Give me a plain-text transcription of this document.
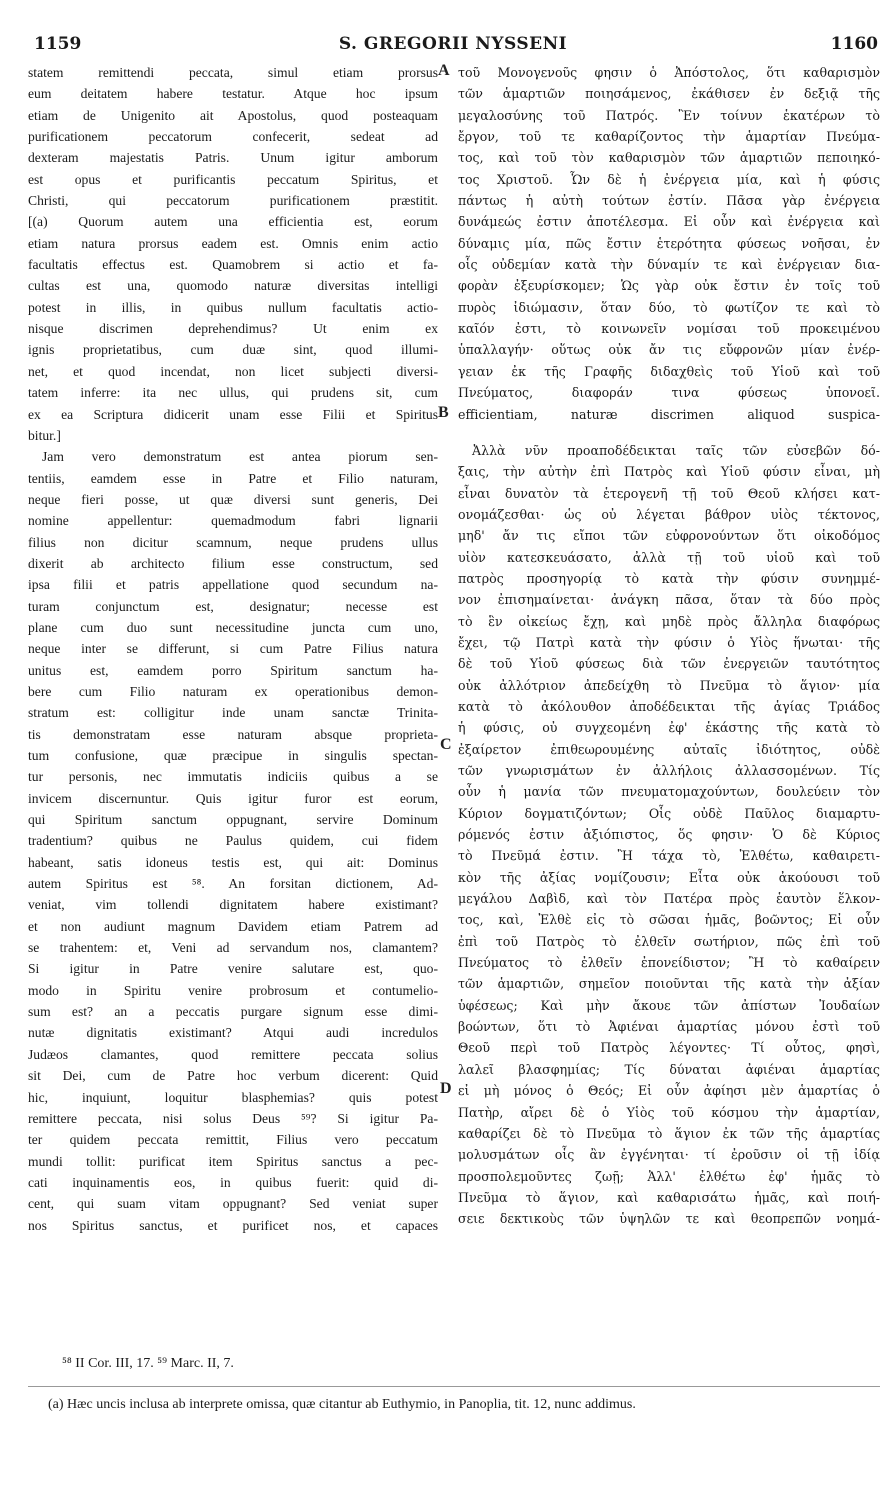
1159	S. GREGORII NYSSENI	1160
A
B
C
D
statem remittendi peccata, simul etiam prorsus
eum deitatem habere testatur. Atque hoc ipsum
etiam de Unigenito ait Apostolus, quod posteaquam
purificationem peccatorum confecerit, sedeat ad
dexteram majestatis Patris. Unum igitur amborum
est opus et purificantis peccatum Spiritus, et
Christi, qui peccatorum purificationem præstitit.
[(a) Quorum autem una efficientia est, eorum
etiam natura prorsus eadem est. Omnis enim actio
facultatis effectus est. Quamobrem si actio et fa-
cultas est una, quomodo naturæ diversitas intelligi
potest in illis, in quibus nullum facultatis actio-
nisque discrimen deprehendimus? Ut enim ex
ignis proprietatibus, cum duæ sint, quod illumi-
net, et quod incendat, non licet subjecti diversi-
tatem inferre: ita nec ullus, qui prudens sit, cum
ex ea Scriptura didicerit unam esse Filii et Spiritus
bitur.]
Jam vero demonstratum est antea piorum sen-
tentiis, eamdem esse in Patre et Filio naturam,
neque fieri posse, ut quæ diversi sunt generis, Dei
nomine appellentur: quemadmodum fabri lignarii
filius non dicitur scamnum, neque prudens ullus
dixerit ab architecto filium esse constructum, sed
ipsa filii et patris appellatione quod secundum na-
turam conjunctum est, designatur; necesse est
plane cum duo sunt necessitudine juncta cum uno,
neque inter se differunt, si cum Patre Filius natura
unitus est, eamdem porro Spiritum sanctum ha-
bere cum Filio naturam ex operationibus demon-
stratum est: colligitur inde unam sanctæ Trinita-
tis demonstratam esse naturam absque proprieta-
tum confusione, quæ præcipue in singulis spectan-
tur personis, nec immutatis indiciis quibus a se
invicem discernuntur. Quis igitur furor est eorum,
qui Spiritum sanctum oppugnant, servire Dominum
tradentium? quibus ne Paulus quidem, cui fidem
habeant, satis idoneus testis est, qui ait: Dominus
autem Spiritus est ⁵⁸. An forsitan dictionem, Ad-
veniat, vim tollendi dignitatem habere existimant?
et non audiunt magnum Davidem etiam Patrem ad
se trahentem: et, Veni ad servandum nos, clamantem?
Si igitur in Patre venire salutare est, quo-
modo in Spiritu venire probrosum et contumelio-
sum est? an a peccatis purgare signum esse dimi-
nutæ dignitatis existimant? Atqui audi incredulos
Judæos clamantes, quod remittere peccata solius
sit Dei, cum de Patre hoc verbum dicerent: Quid
hic, inquiunt, loquitur blasphemias? quis potest
remittere peccata, nisi solus Deus ⁵⁹? Si igitur Pa-
ter quidem peccata remittit, Filius vero peccatum
mundi tollit: purificat item Spiritus sanctus a pec-
cati inquinamentis eos, in quibus fuerit: quid di-
cent, qui suam vitam oppugnant? Sed veniat super
nos Spiritus sanctus, et purificet nos, et capaces
τοῦ Μονογενοῦς φησιν ὁ Ἀπόστολος, ὅτι καθαρισμὸν
τῶν ἁμαρτιῶν ποιησάμενος, ἐκάθισεν ἐν δεξιᾷ τῆς
μεγαλοσύνης τοῦ Πατρός. Ἓν τοίνυν ἑκατέρων τὸ
ἔργον, τοῦ τε καθαρίζοντος τὴν ἁμαρτίαν Πνεύμα-
τος, καὶ τοῦ τὸν καθαρισμὸν τῶν ἁμαρτιῶν πεποιηκό-
τος Χριστοῦ. Ὧν δὲ ἡ ἐνέργεια μία, καὶ ἡ φύσις
πάντως ἡ αὐτὴ τούτων ἐστίν. Πᾶσα γὰρ ἐνέργεια
δυνάμεώς ἐστιν ἀποτέλεσμα. Εἰ οὖν καὶ ἐνέργεια καὶ
δύναμις μία, πῶς ἔστιν ἑτερότητα φύσεως νοῆσαι, ἐν
οἷς οὐδεμίαν κατὰ τὴν δύναμίν τε καὶ ἐνέργειαν δια-
φορὰν ἐξευρίσκομεν; Ὡς γὰρ οὐκ ἔστιν ἐν τοῖς τοῦ
πυρὸς ἰδιώμασιν, ὅταν δύο, τὸ φωτίζον τε καὶ τὸ
καῖόν ἐστι, τὸ κοινωνεῖν νομίσαι τοῦ προκειμένου
ὑπαλλαγήν· οὕτως οὐκ ἄν τις εὔφρονῶν μίαν ἐνέρ-
γειαν ἐκ τῆς Γραφῆς διδαχθεὶς τοῦ Υἱοῦ καὶ τοῦ
Πνεύματος, διαφοράν τινα φύσεως ὑπονοεῖ.
efficientiam, naturæ discrimen aliquod suspica-
Ἀλλὰ νῦν προαποδέδεικται ταῖς τῶν εὐσεβῶν δό-
ξαις, τὴν αὐτὴν ἐπὶ Πατρὸς καὶ Υἱοῦ φύσιν εἶναι, μὴ
εἶναι δυνατὸν τὰ ἑτερογενῆ τῇ τοῦ Θεοῦ κλήσει κατ-
ονομάζεσθαι· ὡς οὐ λέγεται βάθρον υἱὸς τέκτονος,
μηδ' ἄν τις εἴποι τῶν εὐφρονούντων ὅτι οἰκοδόμος
υἱὸν κατεσκευάσατο, ἀλλὰ τῇ τοῦ υἱοῦ καὶ τοῦ
πατρὸς προσηγορίᾳ τὸ κατὰ τὴν φύσιν συνημμέ-
νον ἐπισημαίνεται· ἀνάγκη πᾶσα, ὅταν τὰ δύο πρὸς
τὸ ἓν οἰκείως ἔχῃ, καὶ μηδὲ πρὸς ἄλληλα διαφόρως
ἔχει, τῷ Πατρὶ κατὰ τὴν φύσιν ὁ Υἱὸς ἥνωται· τῆς
δὲ τοῦ Υἱοῦ φύσεως διὰ τῶν ἐνεργειῶν ταυτότητος
οὐκ ἀλλότριον ἀπεδείχθη τὸ Πνεῦμα τὸ ἅγιον· μία
κατὰ τὸ ἀκόλουθον ἀποδέδεικται τῆς ἁγίας Τριάδος
ἡ φύσις, οὐ συγχεομένη ἐφ' ἑκάστης τῆς κατὰ τὸ
ἐξαίρετον ἐπιθεωρουμένης αὐταῖς ἰδιότητος, οὐδὲ
τῶν γνωρισμάτων ἐν ἀλλήλοις ἀλλασσομένων. Τίς
οὖν ἡ μανία τῶν πνευματομαχούντων, δουλεύειν τὸν
Κύριον δογματιζόντων; Οἷς οὐδὲ Παῦλος διαμαρτυ-
ρόμενός ἐστιν ἀξιόπιστος, ὅς φησιν· Ὁ δὲ Κύριος
τὸ Πνεῦμά ἐστιν. Ἢ τάχα τὸ, Ἐλθέτω, καθαιρετι-
κὸν τῆς ἀξίας νομίζουσιν; Εἶτα οὐκ ἀκούουσι τοῦ
μεγάλου Δαβὶδ, καὶ τὸν Πατέρα πρὸς ἑαυτὸν ἕλκον-
τος, καὶ, Ἐλθὲ εἰς τὸ σῶσαι ἡμᾶς, βοῶντος; Εἰ οὖν
ἐπὶ τοῦ Πατρὸς τὸ ἐλθεῖν σωτήριον, πῶς ἐπὶ τοῦ
Πνεύματος τὸ ἐλθεῖν ἐπονείδιστον; Ἢ τὸ καθαίρειν
τῶν ἁμαρτιῶν, σημεῖον ποιοῦνται τῆς κατὰ τὴν ἀξίαν
ὑφέσεως; Καὶ μὴν ἄκουε τῶν ἀπίστων Ἰουδαίων
βοώντων, ὅτι τὸ Ἀφιέναι ἁμαρτίας μόνου ἐστὶ τοῦ
Θεοῦ περὶ τοῦ Πατρὸς λέγοντες· Τί οὗτος, φησὶ,
λαλεῖ βλασφημίας; Τίς δύναται ἀφιέναι ἁμαρτίας
εἰ μὴ μόνος ὁ Θεός; Εἰ οὖν ἀφίησι μὲν ἁμαρτίας ὁ
Πατὴρ, αἴρει δὲ ὁ Υἱὸς τοῦ κόσμου τὴν ἁμαρτίαν,
καθαρίζει δὲ τὸ Πνεῦμα τὸ ἅγιον ἐκ τῶν τῆς ἁμαρτίας
μολυσμάτων οἷς ἂν ἐγγένηται· τί ἐροῦσιν οἱ τῇ ἰδίᾳ
προσπολεμοῦντες ζωῇ; Ἀλλ' ἐλθέτω ἐφ' ἡμᾶς τὸ
Πνεῦμα τὸ ἅγιον, καὶ καθαρισάτω ἡμᾶς, καὶ ποιή-
σειε δεκτικοὺς τῶν ὑψηλῶν τε καὶ θεοπρεπῶν νοημά-
⁵⁸ II Cor. III, 17. ⁵⁹ Marc. II, 7.
(a) Hæc uncis inclusa ab interprete omissa, quæ citantur ab Euthymio, in Panoplia, tit. 12, nunc addimus.
